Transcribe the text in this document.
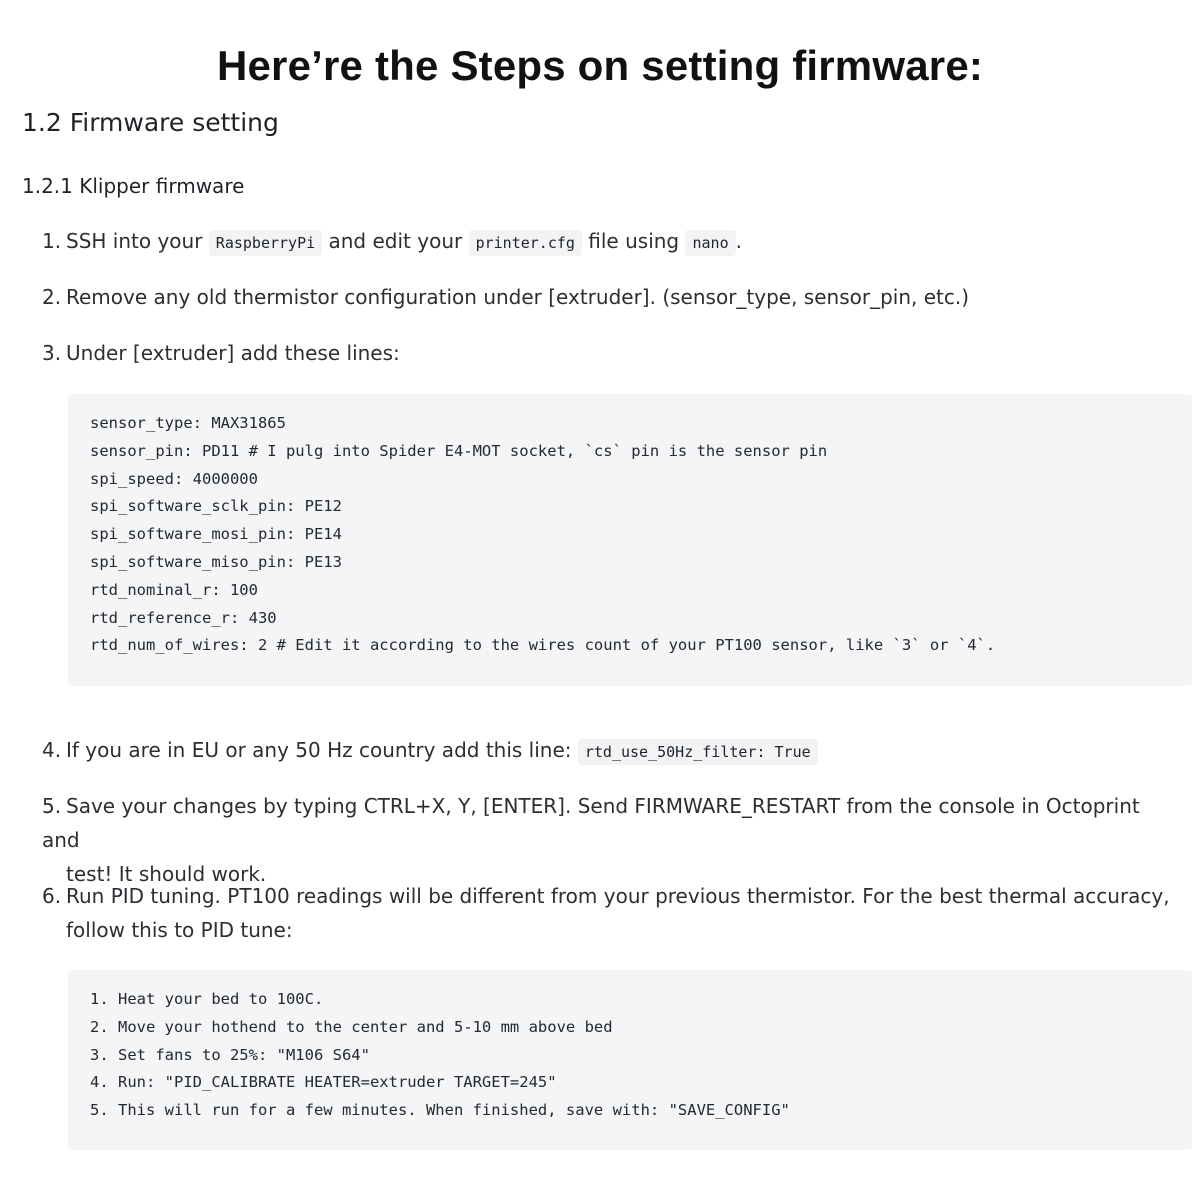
Here’re the Steps on setting firmware:
1.2 Firmware setting
1.2.1 Klipper firmware
1. SSH into your RaspberryPi and edit your printer.cfg file using nano .
2. Remove any old thermistor configuration under [extruder]. (sensor_type, sensor_pin, etc.)
3. Under [extruder] add these lines:
sensor_type: MAX31865
sensor_pin: PD11 # I pulg into Spider E4-MOT socket, `cs` pin is the sensor pin
spi_speed: 4000000
spi_software_sclk_pin: PE12
spi_software_mosi_pin: PE14
spi_software_miso_pin: PE13
rtd_nominal_r: 100
rtd_reference_r: 430
rtd_num_of_wires: 2 # Edit it according to the wires count of your PT100 sensor, like `3` or `4`.
4. If you are in EU or any 50 Hz country add this line: rtd_use_50Hz_filter: True
5. Save your changes by typing CTRL+X, Y, [ENTER]. Send FIRMWARE_RESTART from the console in Octoprint and
test! It should work.
6. Run PID tuning. PT100 readings will be different from your previous thermistor. For the best thermal accuracy,
follow this to PID tune:
1. Heat your bed to 100C.
2. Move your hothend to the center and 5-10 mm above bed
3. Set fans to 25%: "M106 S64"
4. Run: "PID_CALIBRATE HEATER=extruder TARGET=245"
5. This will run for a few minutes. When finished, save with: "SAVE_CONFIG"
